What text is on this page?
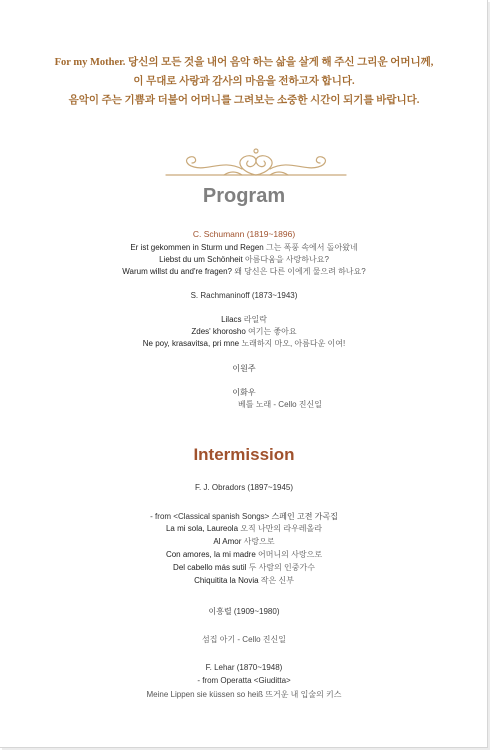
For my Mother. 당신의 모든 것을 내어 음악 하는 삶을 살게 해 주신 그리운 어머니께,
이 무대로 사랑과 감사의 마음을 전하고자 합니다.
음악이 주는 기쁨과 더불어 어머니를 그려보는 소중한 시간이 되기를 바랍니다.
Program
C. Schumann (1819~1896)
Er ist gekommen in Sturm und Regen 그는 폭풍 속에서 돌아왔네
Liebst du um Schönheit 아름다움을 사랑하나요?
Warum willst du and're fragen? 왜 당신은 다른 이에게 물으려 하나요?
S. Rachmaninoff (1873~1943)
Lilacs 라일락
Zdes' khorosho 여기는 좋아요
Ne poy, krasavitsa, pri mne 노래하지 마오, 아름다운 이여!
이원주
이화우
베틀 노래 - Cello 진신일
Intermission
F. J. Obradors (1897~1945)
- from <Classical spanish Songs> 스페인 고전 가곡집
La mi sola, Laureola 오직 나만의 라우레올라
Al Amor 사랑으로
Con amores, la mi madre 어머니의 사랑으로
Del cabello más sutil 두 사람의 인중가수
Chiquitita la Novia 작은 신부
이흥렬 (1909~1980)
섬집 아기 - Cello 진신일
F. Lehar (1870~1948)
- from Operatta <Giuditta>
Meine Lippen sie küssen so heiß 뜨거운 내 입술의 키스
